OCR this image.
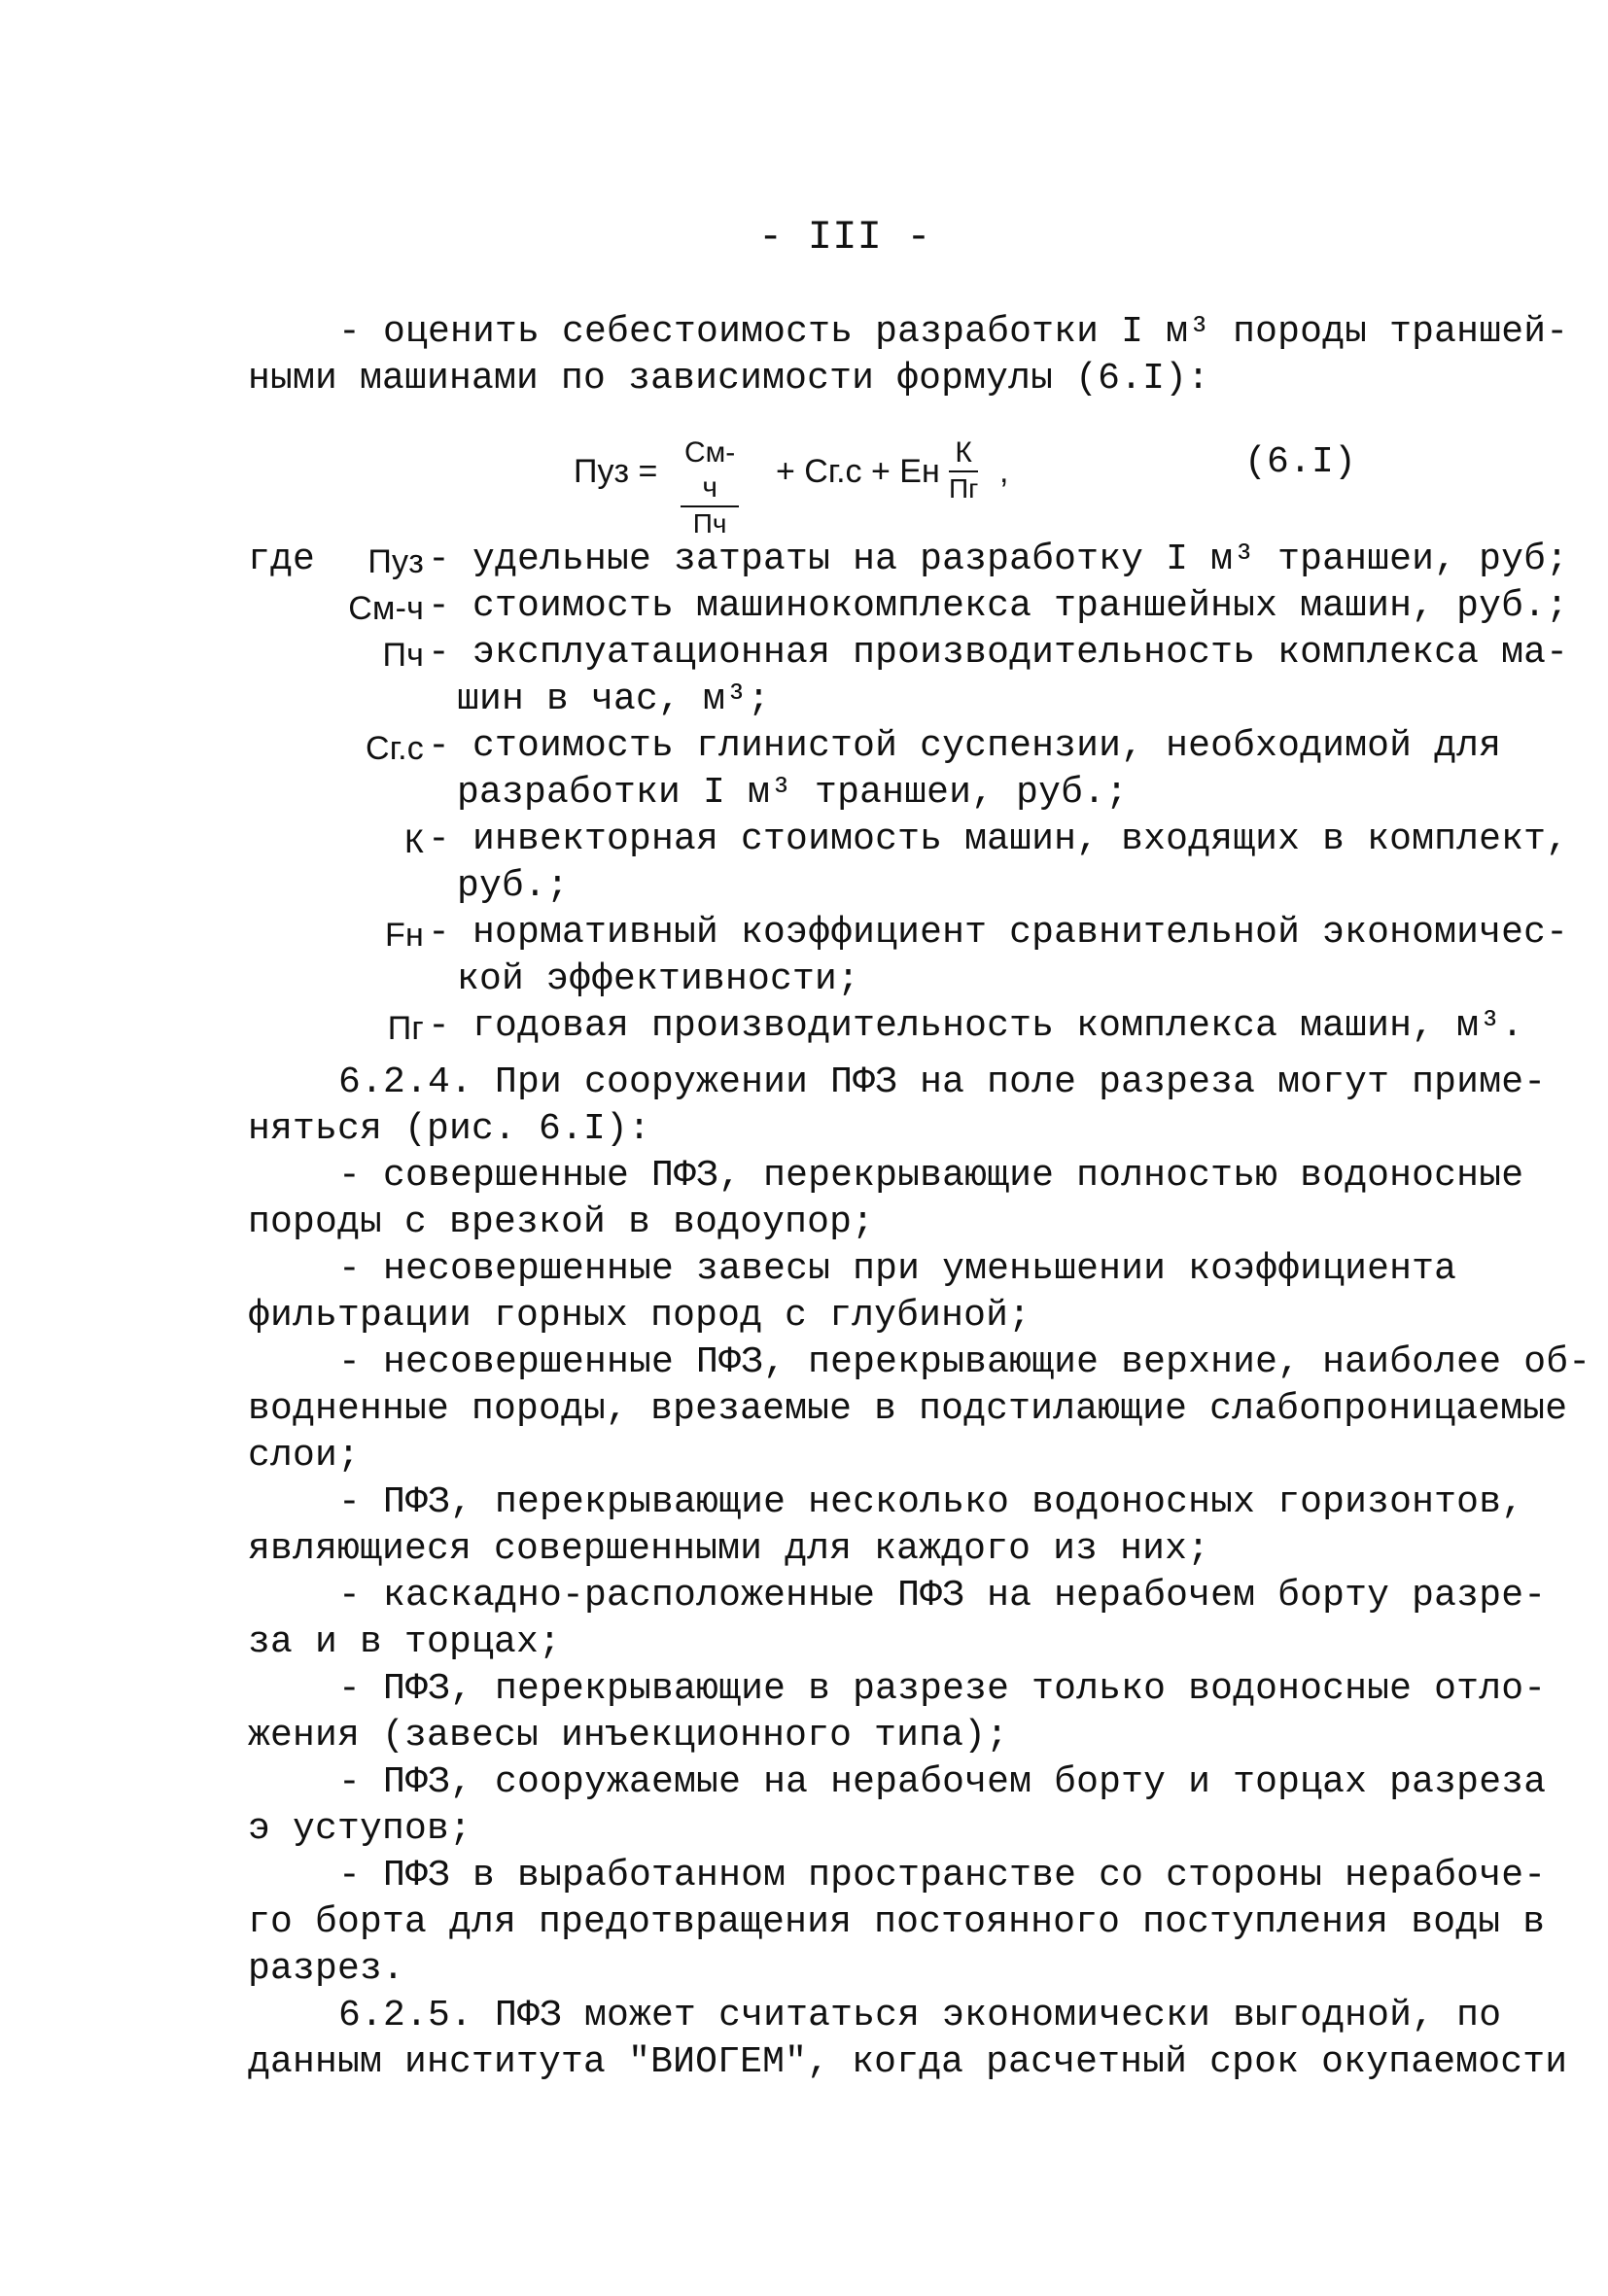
- III -
- оценить себестоимость разработки I м³ породы траншей-
ными машинами по зависимости формулы (6.I):
Пуз =
См-ч
Пч
+ Сг.с + Ен
К
Пг ,	(6.I)
где	Пуз - удельные затраты на разработку I м³ траншеи, руб;
См-ч - стоимость машинокомплекса траншейных машин, руб.;
Пч - эксплуатационная производительность комплекса ма-
шин в час, м³;
Сг.с - стоимость глинистой суспензии, необходимой для
разработки I м³ траншеи, руб.;
К - инвекторная стоимость машин, входящих в комплект,
руб.;
Fн - нормативный коэффициент сравнительной экономичес-
кой эффективности;
Пг - годовая производительность комплекса машин, м³.
6.2.4. При сооружении ПФЗ на поле разреза могут приме-
няться (рис. 6.I):
- совершенные ПФЗ, перекрывающие полностью водоносные
породы с врезкой в водоупор;
- несовершенные завесы при уменьшении коэффициента
фильтрации горных пород с глубиной;
- несовершенные ПФЗ, перекрывающие верхние, наиболее об-
водненные породы, врезаемые в подстилающие слабопроницаемые
слои;
- ПФЗ, перекрывающие несколько водоносных горизонтов,
являющиеся совершенными для каждого из них;
- каскадно-расположенные ПФЗ на нерабочем борту разре-
за и в торцах;
- ПФЗ, перекрывающие в разрезе только водоносные отло-
жения (завесы инъекционного типа);
- ПФЗ, сооружаемые на нерабочем борту и торцах разреза
э уступов;
- ПФЗ в выработанном пространстве со стороны нерабоче-
го борта для предотвращения постоянного поступления воды в
разрез.
6.2.5. ПФЗ может считаться экономически выгодной, по
данным института "ВИОГЕМ", когда расчетный срок окупаемости
